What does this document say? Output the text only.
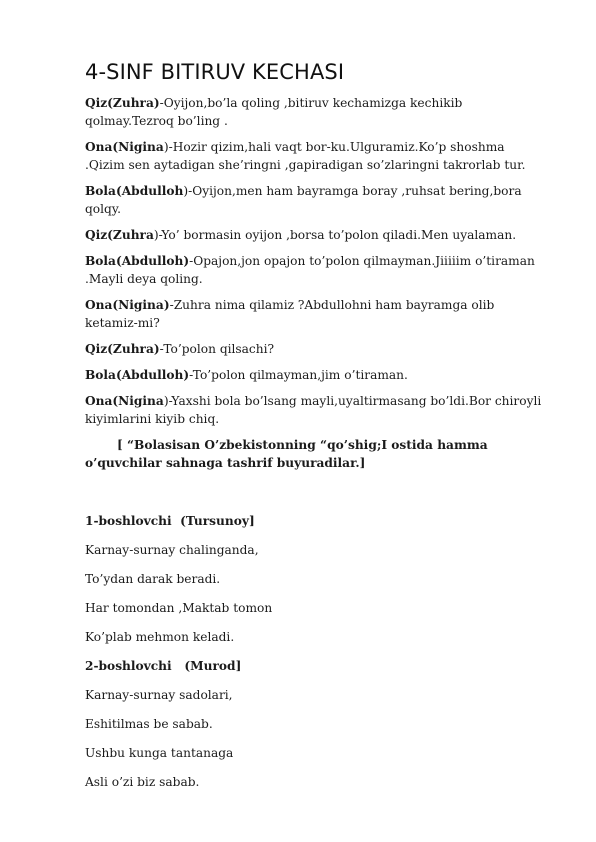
4-SINF BITIRUV KECHASI

Qiz(Zuhra)-Oyijon,bo’la qoling ,bitiruv kechamizga kechikib qolmay.Tezroq bo’ling .

Ona(Nigina)-Hozir qizim,hali vaqt bor-ku.Ulguramiz.Ko’p shoshma .Qizim sen aytadigan she’ringni ,gapiradigan so’zlaringni takrorlab tur.

Bola(Abdulloh)-Oyijon,men ham bayramga boray ,ruhsat bering,bora qolqy.

Qiz(Zuhra)-Yo’ bormasin oyijon ,borsa to’polon qiladi.Men uyalaman.

Bola(Abdulloh)-Opajon,jon opajon to’polon qilmayman.Jiiiiim o’tiraman .Mayli deya qoling.

Ona(Nigina)-Zuhra nima qilamiz ?Abdullohni ham bayramga olib ketamiz-mi?

Qiz(Zuhra)-To’polon qilsachi?

Bola(Abdulloh)-To’polon qilmayman,jim o’tiraman.

Ona(Nigina)-Yaxshi bola bo’lsang mayli,uyaltirmasang bo’ldi.Bor chiroyli kiyimlarini kiyib chiq.

[ “Bolasisan O’zbekistonning “qo’shig;I ostida hamma o’quvchilar sahnaga tashrif buyuradilar.]

1-boshlovchi  (Tursunoy]

Karnay-surnay chalinganda,

To’ydan darak beradi.

Har tomondan ,Maktab tomon

Ko’plab mehmon keladi.

2-boshlovchi   (Murod]

Karnay-surnay sadolari,

Eshitilmas be sabab.

Ushbu kunga tantanaga

Asli o’zi biz sabab.
